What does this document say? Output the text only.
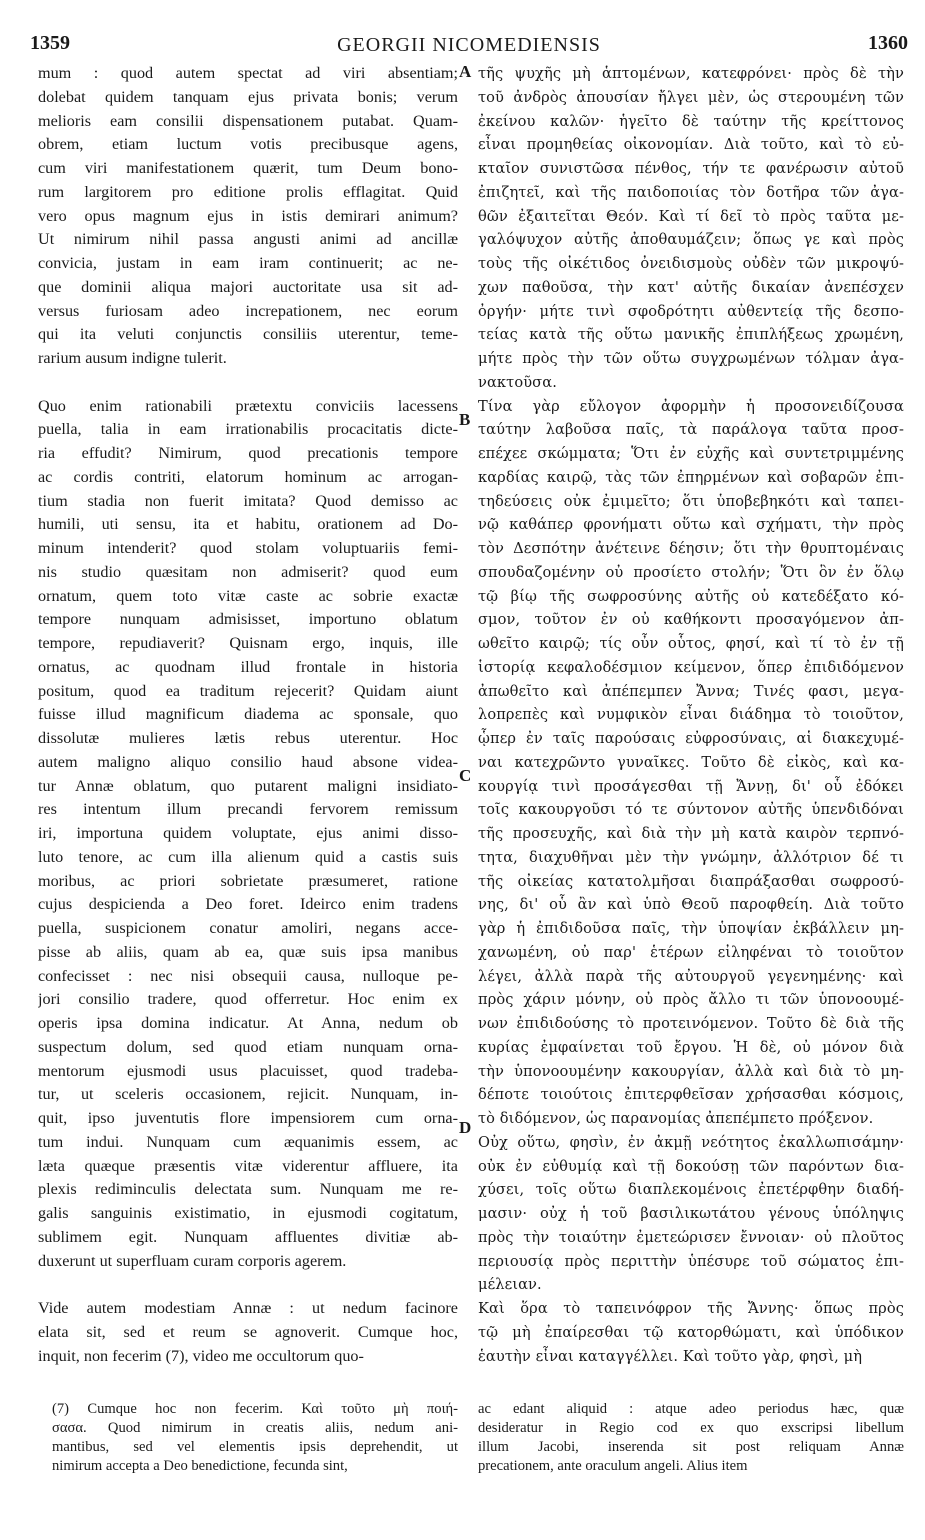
1359	GEORGII NICOMEDIENSIS	1360
mum : quod autem spectat ad viri absentiam;
dolebat quidem tanquam ejus privata bonis; verum
melioris eam consilii dispensationem putabat. Quam-
obrem, etiam luctum votis precibusque agens,
cum viri manifestationem quærit, tum Deum bono-
rum largitorem pro editione prolis efflagitat. Quid
vero opus magnum ejus in istis demirari animum?
Ut nimirum nihil passa angusti animi ad ancillæ
convicia, justam in eam iram continuerit; ac ne-
que dominii aliqua majori auctoritate usa sit ad-
versus furiosam adeo increpationem, nec eorum
qui ita veluti conjunctis consiliis uterentur, teme-
rarium ausum indigne tulerit.
Quo enim rationabili prætextu conviciis lacessens
puella, talia in eam irrationabilis procacitatis dicte-
ria effudit? Nimirum, quod precationis tempore
ac cordis contriti, elatorum hominum ac arrogan-
tium stadia non fuerit imitata? Quod demisso ac
humili, uti sensu, ita et habitu, orationem ad Do-
minum intenderit? quod stolam voluptuariis femi-
nis studio quæsitam non admiserit? quod eum
ornatum, quem toto vitæ caste ac sobrie exactæ
tempore nunquam admisisset, importuno oblatum
tempore, repudiaverit? Quisnam ergo, inquis, ille
ornatus, ac quodnam illud frontale in historia
positum, quod ea traditum rejecerit? Quidam aiunt
fuisse illud magnificum diadema ac sponsale, quo
dissolutæ mulieres lætis rebus uterentur. Hoc
autem maligno aliquo consilio haud absone videa-
tur Annæ oblatum, quo putarent maligni insidiato-
res intentum illum precandi fervorem remissum
iri, importuna quidem voluptate, ejus animi disso-
luto tenore, ac cum illa alienum quid a castis suis
moribus, ac priori sobrietate præsumeret, ratione
cujus despicienda a Deo foret. Ideirco enim tradens
puella, suspicionem conatur amoliri, negans acce-
pisse ab aliis, quam ab ea, quæ suis ipsa manibus
confecisset : nec nisi obsequii causa, nulloque pe-
jori consilio tradere, quod offerretur. Hoc enim ex
operis ipsa domina indicatur. At Anna, nedum ob
suspectum dolum, sed quod etiam nunquam orna-
mentorum ejusmodi usus placuisset, quod tradeba-
tur, ut sceleris occasionem, rejicit. Nunquam, in-
quit, ipso juventutis flore impensiorem cum orna-
tum indui. Nunquam cum æquanimis essem, ac
læta quæque præsentis vitæ viderentur affluere, ita
plexis rediminculis delectata sum. Nunquam me re-
galis sanguinis existimatio, in ejusmodi cogitatum,
sublimem egit. Nunquam affluentes divitiæ ab-
duxerunt ut superfluam curam corporis agerem.
Vide autem modestiam Annæ : ut nedum facinore
elata sit, sed et reum se agnoverit. Cumque hoc,
inquit, non fecerim (7), video me occultorum quo-
τῆς ψυχῆς μὴ ἁπτομένων, κατεφρόνει· πρὸς δὲ τὴν
τοῦ ἀνδρὸς ἀπουσίαν ἤλγει μὲν, ὡς στερουμένη τῶν
ἐκείνου καλῶν· ἡγεῖτο δὲ ταύτην τῆς κρείττονος
εἶναι προμηθείας οἰκονομίαν. Διὰ τοῦτο, καὶ τὸ εὐ-
κταῖον συνιστῶσα πένθος, τήν τε φανέρωσιν αὐτοῦ
ἐπιζητεῖ, καὶ τῆς παιδοποιίας τὸν δοτῆρα τῶν ἀγα-
θῶν ἐξαιτεῖται Θεόν. Καὶ τί δεῖ τὸ πρὸς ταῦτα με-
γαλόψυχον αὐτῆς ἀποθαυμάζειν; ὅπως γε καὶ πρὸς
τοὺς τῆς οἰκέτιδος ὀνειδισμοὺς οὐδὲν τῶν μικροψύ-
χων παθοῦσα, τὴν κατ' αὐτῆς δικαίαν ἀνεπέσχεν
ὀργήν· μήτε τινὶ σφοδρότητι αὐθεντείᾳ τῆς δεσπο-
τείας κατὰ τῆς οὕτω μανικῆς ἐπιπλήξεως χρωμένη,
μήτε πρὸς τὴν τῶν οὕτω συγχρωμένων τόλμαν ἀγα-
νακτοῦσα.
Τίνα γὰρ εὔλογον ἀφορμὴν ἡ προσονειδίζουσα
ταύτην λαβοῦσα παῖς, τὰ παράλογα ταῦτα προσ-
επέχεε σκώμματα; Ὅτι ἐν εὐχῆς καὶ συντετριμμένης
καρδίας καιρῷ, τὰς τῶν ἐπηρμένων καὶ σοβαρῶν ἐπι-
τηδεύσεις οὐκ ἐμιμεῖτο; ὅτι ὑποβεβηκότι καὶ ταπει-
νῷ καθάπερ φρονήματι οὕτω καὶ σχήματι, τὴν πρὸς
τὸν Δεσπότην ἀνέτεινε δέησιν; ὅτι τὴν θρυπτομέναις
σπουδαζομένην οὐ προσίετο στολήν; Ὅτι ὃν ἐν ὅλῳ
τῷ βίῳ τῆς σωφροσύνης αὐτῆς οὐ κατεδέξατο κό-
σμον, τοῦτον ἐν οὐ καθήκοντι προσαγόμενον ἀπ-
ωθεῖτο καιρῷ; τίς οὖν οὗτος, φησί, καὶ τί τὸ ἐν τῇ
ἱστορίᾳ κεφαλοδέσμιον κείμενον, ὅπερ ἐπιδιδόμενον
ἀπωθεῖτο καὶ ἀπέπεμπεν Ἄννα; Τινές φασι, μεγα-
λοπρεπὲς καὶ νυμφικὸν εἶναι διάδημα τὸ τοιοῦτον,
ᾧπερ ἐν ταῖς παρούσαις εὐφροσύναις, αἱ διακεχυμέ-
ναι κατεχρῶντο γυναῖκες. Τοῦτο δὲ εἰκὸς, καὶ κα-
κουργίᾳ τινὶ προσάγεσθαι τῇ Ἄννῃ, δι' οὗ ἐδόκει
τοῖς κακουργοῦσι τό τε σύντονον αὐτῆς ὑπενδιδόναι
τῆς προσευχῆς, καὶ διὰ τὴν μὴ κατὰ καιρὸν τερπνό-
τητα, διαχυθῆναι μὲν τὴν γνώμην, ἀλλότριον δέ τι
τῆς οἰκείας κατατολμῆσαι διαπράξασθαι σωφροσύ-
νης, δι' οὗ ἂν καὶ ὑπὸ Θεοῦ παροφθείη. Διὰ τοῦτο
γὰρ ἡ ἐπιδιδοῦσα παῖς, τὴν ὑποψίαν ἐκβάλλειν μη-
χανωμένη, οὐ παρ' ἑτέρων εἰληφέναι τὸ τοιοῦτον
λέγει, ἀλλὰ παρὰ τῆς αὐτουργοῦ γεγενημένης· καὶ
πρὸς χάριν μόνην, οὐ πρὸς ἄλλο τι τῶν ὑπονοουμέ-
νων ἐπιδιδούσης τὸ προτεινόμενον. Τοῦτο δὲ διὰ τῆς
κυρίας ἐμφαίνεται τοῦ ἔργου. Ἡ δὲ, οὐ μόνον διὰ
τὴν ὑπονοουμένην κακουργίαν, ἀλλὰ καὶ διὰ τὸ μη-
δέποτε τοιούτοις ἐπιτερφθεῖσαν χρήσασθαι κόσμοις,
τὸ διδόμενον, ὡς παρανομίας ἀπεπέμπετο πρόξενον.
Οὐχ οὕτω, φησὶν, ἐν ἀκμῇ νεότητος ἐκαλλωπισάμην·
οὐκ ἐν εὐθυμίᾳ καὶ τῇ δοκούσῃ τῶν παρόντων δια-
χύσει, τοῖς οὕτω διαπλεκομένοις ἐπετέρφθην διαδή-
μασιν· οὐχ ἡ τοῦ βασιλικωτάτου γένους ὑπόληψις
πρὸς τὴν τοιαύτην ἐμετεώρισεν ἔννοιαν· οὐ πλοῦτος
περιουσίᾳ πρὸς περιττὴν ὑπέσυρε τοῦ σώματος ἐπι-
μέλειαν.
Καὶ ὅρα τὸ ταπεινόφρον τῆς Ἄννης· ὅπως πρὸς
τῷ μὴ ἐπαίρεσθαι τῷ κατορθώματι, καὶ ὑπόδικον
ἑαυτὴν εἶναι καταγγέλλει. Καὶ τοῦτο γὰρ, φησὶ, μὴ
A
B
C
D
(7) Cumque hoc non fecerim. Καὶ τοῦτο μὴ ποιή-
σασα. Quod nimirum in creatis aliis, nedum ani-
mantibus, sed vel elementis ipsis deprehendit, ut
nimirum accepta a Deo benedictione, fecunda sint,
ac edant aliquid : atque adeo periodus hæc, quæ
desideratur in Regio cod ex quo exscripsi libellum
illum Jacobi, inserenda sit post reliquam Annæ
precationem, ante oraculum angeli. Alius item
